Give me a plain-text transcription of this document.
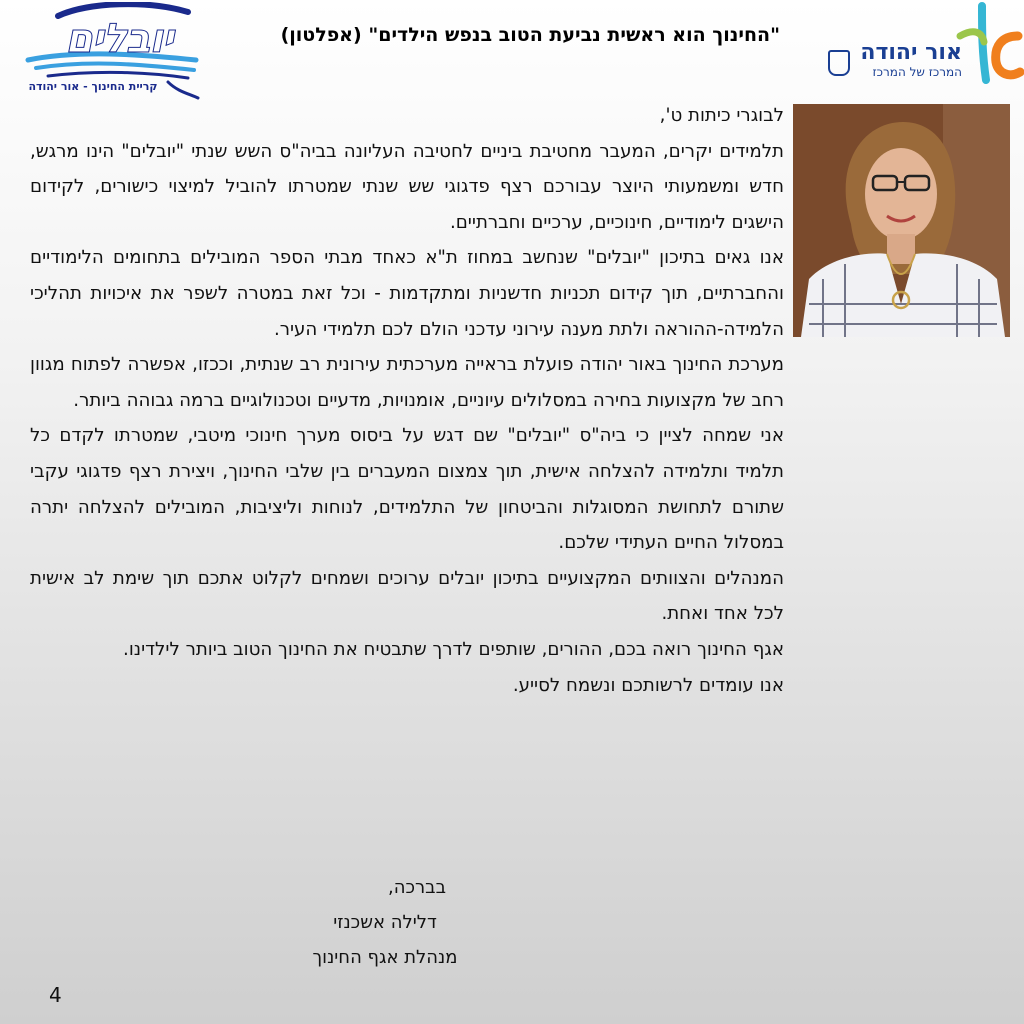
יובלים
קריית החינוך - אור יהודה
"החינוך הוא ראשית נביעת הטוב בנפש הילדים" (אפלטון)
אור יהודה
המרכז של המרכז

לבוגרי כיתות ט',

תלמידים יקרים, המעבר מחטיבת ביניים לחטיבה העליונה בביה"ס השש שנתי "יובלים" הינו מרגש, חדש ומשמעותי היוצר עבורכם רצף פדגוגי שש שנתי שמטרתו להוביל למיצוי כישורים, לקידום הישגים לימודיים, חינוכיים, ערכיים וחברתיים.

אנו גאים בתיכון "יובלים" שנחשב במחוז ת"א כאחד מבתי הספר המובילים בתחומים הלימודיים והחברתיים, תוך קידום תכניות חדשניות ומתקדמות - וכל זאת במטרה לשפר את איכויות תהליכי הלמידה-ההוראה ולתת מענה עירוני עדכני הולם לכם תלמידי העיר.

מערכת החינוך באור יהודה פועלת בראייה מערכתית עירונית רב שנתית, וככזו, אפשרה לפתוח מגוון רחב של מקצועות בחירה במסלולים עיוניים, אומנויות, מדעיים וטכנולוגיים ברמה גבוהה ביותר.

אני שמחה לציין כי ביה"ס "יובלים" שם דגש על ביסוס מערך חינוכי מיטבי, שמטרתו לקדם כל תלמיד ותלמידה להצלחה אישית, תוך צמצום המעברים בין שלבי החינוך, ויצירת רצף פדגוגי עקבי שתורם לתחושת המסוגלות והביטחון של התלמידים, לנוחות וליציבות, המובילים להצלחה יתרה במסלול החיים העתידי שלכם.

המנהלים והצוותים המקצועיים בתיכון יובלים ערוכים ושמחים לקלוט אתכם תוך שימת לב אישית לכל אחד ואחת.

אגף החינוך רואה בכם, ההורים, שותפים לדרך שתבטיח את החינוך הטוב ביותר לילדינו.

אנו עומדים לרשותכם ונשמח לסייע.

בברכה,

דלילה אשכנזי

מנהלת אגף החינוך

4
